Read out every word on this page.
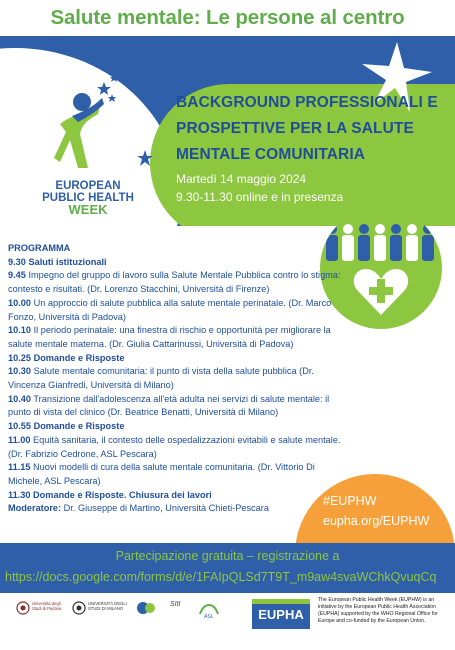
Salute mentale: Le persone al centro
EUROPEAN
PUBLIC HEALTH
WEEK
BACKGROUND PROFESSIONALI E
PROSPETTIVE PER LA SALUTE
MENTALE COMUNITARIA
Martedì 14 maggio 2024
9.30-11.30 online e in presenza
PROGRAMMA
9.30 Saluti istituzionali
9.45 Impegno del gruppo di lavoro sulla Salute Mentale Pubblica contro lo stigma: contesto e risultati. (Dr. Lorenzo Stacchini, Università di Firenze)
10.00 Un approccio di salute pubblica alla salute mentale perinatale. (Dr. Marco Fonzo, Università di Padova)
10.10 Il periodo perinatale: una finestra di rischio e opportunità per migliorare la salute mentale materna. (Dr. Giulia Cattarinussi, Università di Padova)
10.25 Domande e Risposte
10.30 Salute mentale comunitaria: il punto di vista della salute pubblica (Dr. Vincenza Gianfredi, Università di Milano)
10.40 Transizione dall'adolescenza all'età adulta nei servizi di salute mentale: il punto di vista del clinico (Dr. Beatrice Benatti, Università di Milano)
10.55 Domande e Risposte
11.00 Equità sanitaria, il contesto delle ospedalizzazioni evitabili e salute mentale. (Dr. Fabrizio Cedrone, ASL Pescara)
11.15 Nuovi modelli di cura della salute mentale comunitaria. (Dr. Vittorio Di Michele, ASL Pescara)
11.30 Domande e Risposte. Chiusura dei lavori
Moderatore: Dr. Giuseppe di Martino, Università Chieti-Pescara
#EUPHW
eupha.org/EUPHW
Partecipazione gratuita – registrazione a
https://docs.google.com/forms/d/e/1FAIpQLSd7T9T_m9aw4svaWChkQvuqCq
Università degli Studi di Padova
UNIVERSITÀ DEGLI STUDI DI MILANO
SItI
ASL	EUPHA
The European Public Health Week (EUPHW) is an initiative by the European Public Health Association (EUPHA) supported by the WHO Regional Office for Europe and co-funded by the European Union.
